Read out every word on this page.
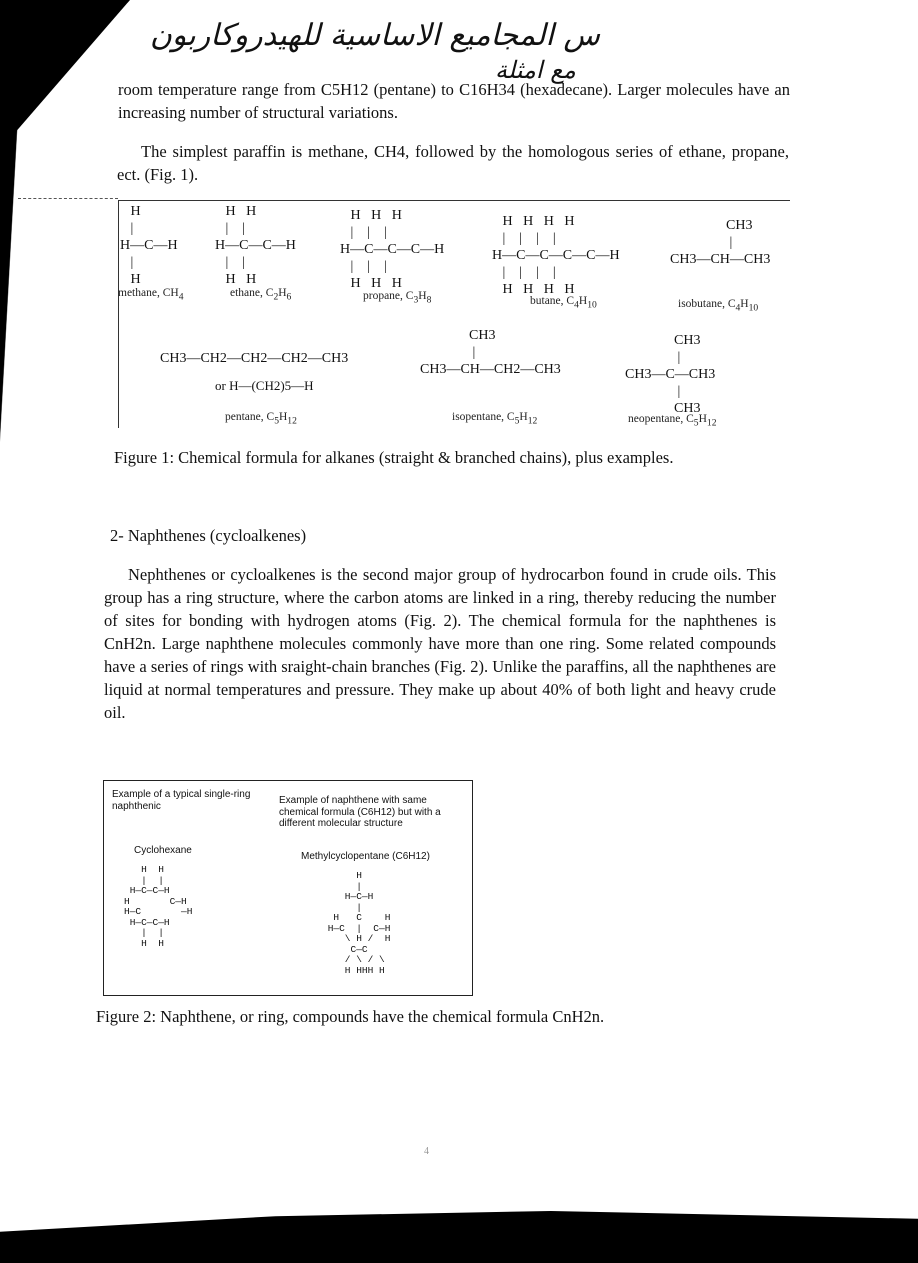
س المجاميع الاساسية للهيدروكاربون
مع امثلة
room temperature range from C5H12 (pentane) to C16H34 (hexadecane). Larger molecules have an increasing number of structural variations.
The simplest paraffin is methane, CH4, followed by the homologous series of ethane, propane, ect. (Fig. 1).
H
|
H—C—H
|
H
methane, $CH_4$
H   H
|    |
H—C—C—H
|    |
H   H
ethane, $C_2H_6$
H   H   H
|    |    |
H—C—C—C—H
|    |    |
H   H   H
propane, $C_3H_8$
H   H   H   H
|    |    |    |
H—C—C—C—C—H
|    |    |    |
H   H   H   H
butane, $C_4H_{10}$
CH3
|
CH3—CH—CH3
isobutane, $C_4H_{10}$
CH3—CH2—CH2—CH2—CH3
or H—(CH2)5—H
pentane, $C_5H_{12}$
CH3
|
CH3—CH—CH2—CH3
isopentane, $C_5H_{12}$
CH3
|
CH3—C—CH3
|
CH3
neopentane, $C_5H_{12}$
Figure 1: Chemical formula for alkanes (straight & branched chains), plus examples.
2- Naphthenes (cycloalkenes)
Nephthenes or cycloalkenes is the second major group of hydrocarbon found in crude oils. This group has a ring structure, where the carbon atoms are linked in a ring, thereby reducing the number of sites for bonding with hydrogen atoms (Fig. 2). The chemical formula for the naphthenes is CnH2n. Large naphthene molecules commonly have more than one ring. Some related compounds have a series of rings with sraight-chain branches (Fig. 2). Unlike the paraffins, all the naphthenes are liquid at normal temperatures and pressure. They make up about 40% of both light and heavy crude oil.
Example of a typical single-ring naphthenic	Example of naphthene with same chemical formula (C6H12) but with a different molecular structure
Cyclohexane
Methylcyclopentane (C6H12)
H  H
|  |
H—C—C—H
H       C—H
H—C       —H
H—C—C—H
|  |
H  H
H
|
H—C—H
|
H   C    H
H—C  |  C—H
\ H /  H
C—C
/ \ / \
H HHH H
Figure 2: Naphthene, or ring, compounds have the chemical formula CnH2n.
4
